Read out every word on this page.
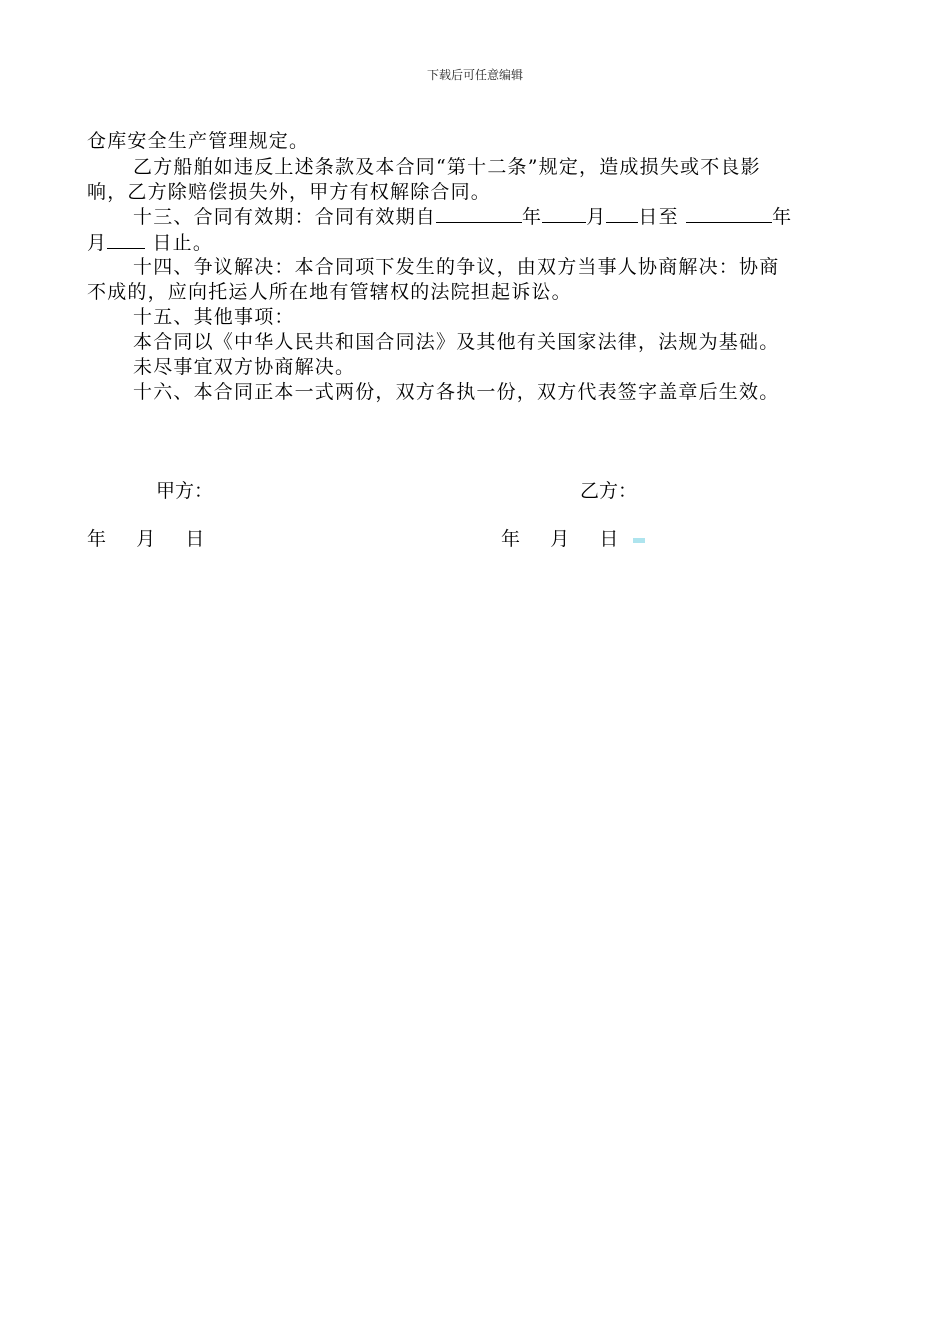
下载后可任意编辑
仓库安全生产管理规定。
乙方船舶如违反上述条款及本合同“第十二条”规定，造成损失或不良影
响，乙方除赔偿损失外，甲方有权解除合同。
十三、合同有效期：合同有效期自	年 月 日至	年
月 日止。
十四、争议解决：本合同项下发生的争议，由双方当事人协商解决：协商
不成的，应向托运人所在地有管辖权的法院担起诉讼。
十五、其他事项：
本合同以《中华人民共和国合同法》及其他有关国家法律，法规为基础。
未尽事宜双方协商解决。
十六、本合同正本一式两份，双方各执一份，双方代表签字盖章后生效。
甲方：	乙方：
年     月     日	年     月     日
